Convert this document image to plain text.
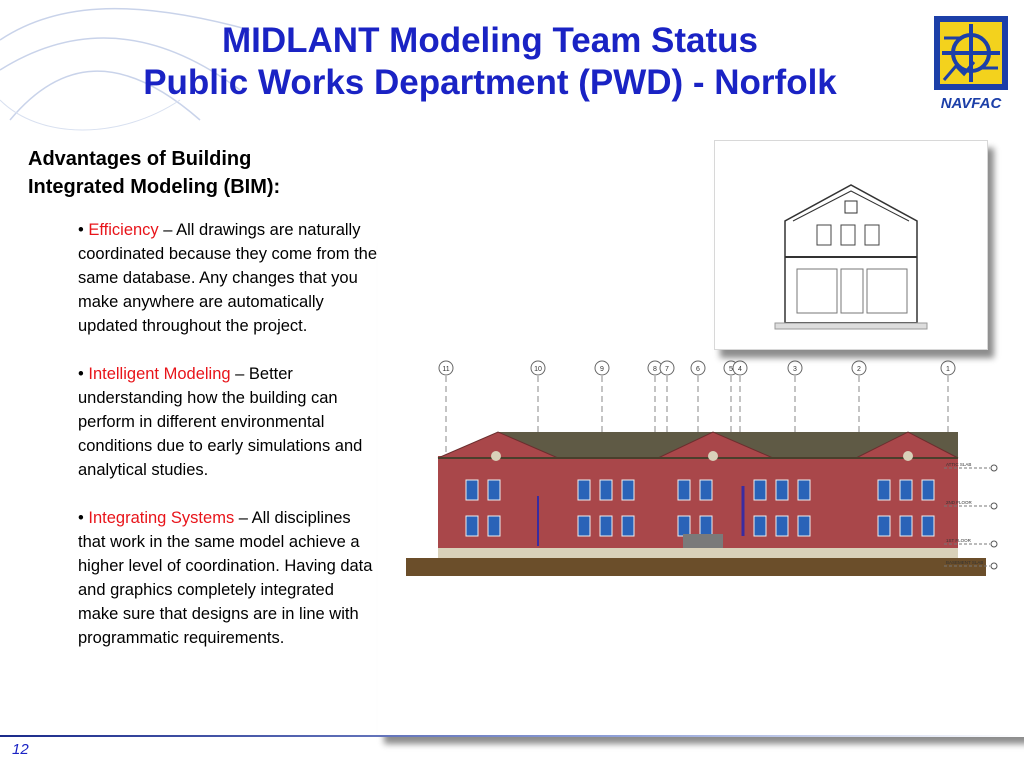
MIDLANT Modeling Team Status
Public Works Department (PWD) - Norfolk
NAVFAC
Advantages of Building
Integrated Modeling (BIM):

• Efficiency – All drawings are naturally coordinated because they come from the same database. Any changes that you make anywhere are automatically updated throughout the project.

• Intelligent Modeling – Better understanding how the building can perform in different environmental conditions due to early simulations and analytical studies.

• Integrating Systems – All disciplines that work in the same model achieve a higher level of coordination. Having data and graphics completely integrated make sure that designs are in line with programmatic requirements.

11	10	9	8 7	6	5 4	3	2	1
ATTIC SLAB
2ND FLOOR
1ST FLOOR
BASEMENT SLAB
12
